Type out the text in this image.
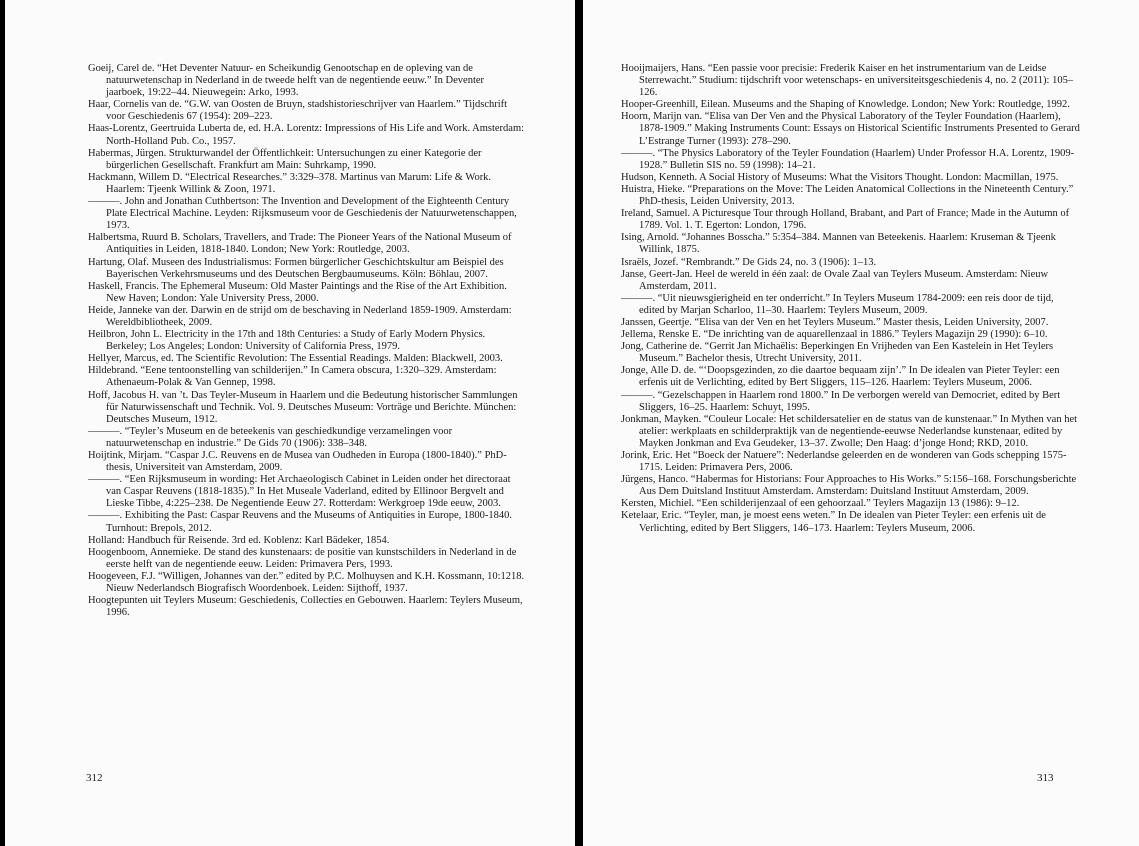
Goeij, Carel de. “Het Deventer Natuur- en Scheikundig Genootschap en de opleving van de natuurwetenschap in Nederland in de tweede helft van de negentiende eeuw.” In Deventer jaarboek, 19:22–44. Nieuwegein: Arko, 1993.

Haar, Cornelis van de. “G.W. van Oosten de Bruyn, stadshistorieschrijver van Haarlem.” Tijdschrift voor Geschiedenis 67 (1954): 209–223.

Haas-Lorentz, Geertruida Luberta de, ed. H.A. Lorentz: Impressions of His Life and Work. Amsterdam: North-Holland Pub. Co., 1957.

Habermas, Jürgen. Strukturwandel der Öffentlichkeit: Untersuchungen zu einer Kategorie der bürgerlichen Gesellschaft. Frankfurt am Main: Suhrkamp, 1990.

Hackmann, Willem D. “Electrical Researches.” 3:329–378. Martinus van Marum: Life & Work. Haarlem: Tjeenk Willink & Zoon, 1971.

———. John and Jonathan Cuthbertson: The Invention and Development of the Eighteenth Century Plate Electrical Machine. Leyden: Rijksmuseum voor de Geschiedenis der Natuurwetenschappen, 1973.

Halbertsma, Ruurd B. Scholars, Travellers, and Trade: The Pioneer Years of the National Museum of Antiquities in Leiden, 1818-1840. London; New York: Routledge, 2003.

Hartung, Olaf. Museen des Industrialismus: Formen bürgerlicher Geschichtskultur am Beispiel des Bayerischen Verkehrsmuseums und des Deutschen Bergbaumuseums. Köln: Böhlau, 2007.

Haskell, Francis. The Ephemeral Museum: Old Master Paintings and the Rise of the Art Exhibition. New Haven; London: Yale University Press, 2000.

Heide, Janneke van der. Darwin en de strijd om de beschaving in Nederland 1859-1909. Amsterdam: Wereldbibliotheek, 2009.

Heilbron, John L. Electricity in the 17th and 18th Centuries: a Study of Early Modern Physics. Berkeley; Los Angeles; London: University of California Press, 1979.

Hellyer, Marcus, ed. The Scientific Revolution: The Essential Readings. Malden: Blackwell, 2003.

Hildebrand. “Eene tentoonstelling van schilderijen.” In Camera obscura, 1:320–329. Amsterdam: Athenaeum-Polak & Van Gennep, 1998.

Hoff, Jacobus H. van ’t. Das Teyler-Museum in Haarlem und die Bedeutung historischer Sammlungen für Naturwissenschaft und Technik. Vol. 9. Deutsches Museum: Vorträge und Berichte. München: Deutsches Museum, 1912.

———. “Teyler’s Museum en de beteekenis van geschiedkundige verzamelingen voor natuurwetenschap en industrie.” De Gids 70 (1906): 338–348.

Hoijtink, Mirjam. “Caspar J.C. Reuvens en de Musea van Oudheden in Europa (1800-1840).” PhD-thesis, Universiteit van Amsterdam, 2009.

———. “Een Rijksmuseum in wording: Het Archaeologisch Cabinet in Leiden onder het directoraat van Caspar Reuvens (1818-1835).” In Het Museale Vaderland, edited by Ellinoor Bergvelt and Lieske Tibbe, 4:225–238. De Negentiende Eeuw 27. Rotterdam: Werkgroep 19de eeuw, 2003.

———. Exhibiting the Past: Caspar Reuvens and the Museums of Antiquities in Europe, 1800-1840. Turnhout: Brepols, 2012.

Holland: Handbuch für Reisende. 3rd ed. Koblenz: Karl Bädeker, 1854.

Hoogenboom, Annemieke. De stand des kunstenaars: de positie van kunstschilders in Nederland in de eerste helft van de negentiende eeuw. Leiden: Primavera Pers, 1993.

Hoogeveen, F.J. “Willigen, Johannes van der.” edited by P.C. Molhuysen and K.H. Kossmann, 10:1218. Nieuw Nederlandsch Biografisch Woordenboek. Leiden: Sijthoff, 1937.

Hoogtepunten uit Teylers Museum: Geschiedenis, Collecties en Gebouwen. Haarlem: Teylers Museum, 1996.

312

Hooijmaijers, Hans. “Een passie voor precisie: Frederik Kaiser en het instrumentarium van de Leidse Sterrewacht.” Studium: tijdschrift voor wetenschaps- en universiteitsgeschiedenis 4, no. 2 (2011): 105–126.

Hooper-Greenhill, Eilean. Museums and the Shaping of Knowledge. London; New York: Routledge, 1992.

Hoorn, Marijn van. “Elisa van Der Ven and the Physical Laboratory of the Teyler Foundation (Haarlem), 1878-1909.” Making Instruments Count: Essays on Historical Scientific Instruments Presented to Gerard L’Estrange Turner (1993): 278–290.

———. “The Physics Laboratory of the Teyler Foundation (Haarlem) Under Professor H.A. Lorentz, 1909-1928.” Bulletin SIS no. 59 (1998): 14–21.

Hudson, Kenneth. A Social History of Museums: What the Visitors Thought. London: Macmillan, 1975.

Huistra, Hieke. “Preparations on the Move: The Leiden Anatomical Collections in the Nineteenth Century.” PhD-thesis, Leiden University, 2013.

Ireland, Samuel. A Picturesque Tour through Holland, Brabant, and Part of France; Made in the Autumn of 1789. Vol. 1. T. Egerton: London, 1796.

Ising, Arnold. “Johannes Bosscha.” 5:354–384. Mannen van Beteekenis. Haarlem: Kruseman & Tjeenk Willink, 1875.

Israëls, Jozef. “Rembrandt.” De Gids 24, no. 3 (1906): 1–13.

Janse, Geert-Jan. Heel de wereld in één zaal: de Ovale Zaal van Teylers Museum. Amsterdam: Nieuw Amsterdam, 2011.

———. “Uit nieuwsgierigheid en ter onderricht.” In Teylers Museum 1784-2009: een reis door de tijd, edited by Marjan Scharloo, 11–30. Haarlem: Teylers Museum, 2009.

Janssen, Geertje. “Elisa van der Ven en het Teylers Museum.” Master thesis, Leiden University, 2007.

Jellema, Renske E. “De inrichting van de aquarellenzaal in 1886.” Teylers Magazijn 29 (1990): 6–10.

Jong, Catherine de. “Gerrit Jan Michaëlis: Beperkingen En Vrijheden van Een Kastelein in Het Teylers Museum.” Bachelor thesis, Utrecht University, 2011.

Jonge, Alle D. de. “‘Doopsgezinden, zo die daartoe bequaam zijn’.” In De idealen van Pieter Teyler: een erfenis uit de Verlichting, edited by Bert Sliggers, 115–126. Haarlem: Teylers Museum, 2006.

———. “Gezelschappen in Haarlem rond 1800.” In De verborgen wereld van Democriet, edited by Bert Sliggers, 16–25. Haarlem: Schuyt, 1995.

Jonkman, Mayken. “Couleur Locale: Het schildersatelier en de status van de kunstenaar.” In Mythen van het atelier: werkplaats en schilderpraktijk van de negentiende-eeuwse Nederlandse kunstenaar, edited by Mayken Jonkman and Eva Geudeker, 13–37. Zwolle; Den Haag: d’jonge Hond; RKD, 2010.

Jorink, Eric. Het “Boeck der Natuere”: Nederlandse geleerden en de wonderen van Gods schepping 1575-1715. Leiden: Primavera Pers, 2006.

Jürgens, Hanco. “Habermas for Historians: Four Approaches to His Works.” 5:156–168. Forschungsberichte Aus Dem Duitsland Instituut Amsterdam. Amsterdam: Duitsland Instituut Amsterdam, 2009.

Kersten, Michiel. “Een schilderijenzaal of een gehoorzaal.” Teylers Magazijn 13 (1986): 9–12.

Ketelaar, Eric. “Teyler, man, je moest eens weten.” In De idealen van Pieter Teyler: een erfenis uit de Verlichting, edited by Bert Sliggers, 146–173. Haarlem: Teylers Museum, 2006.

313
